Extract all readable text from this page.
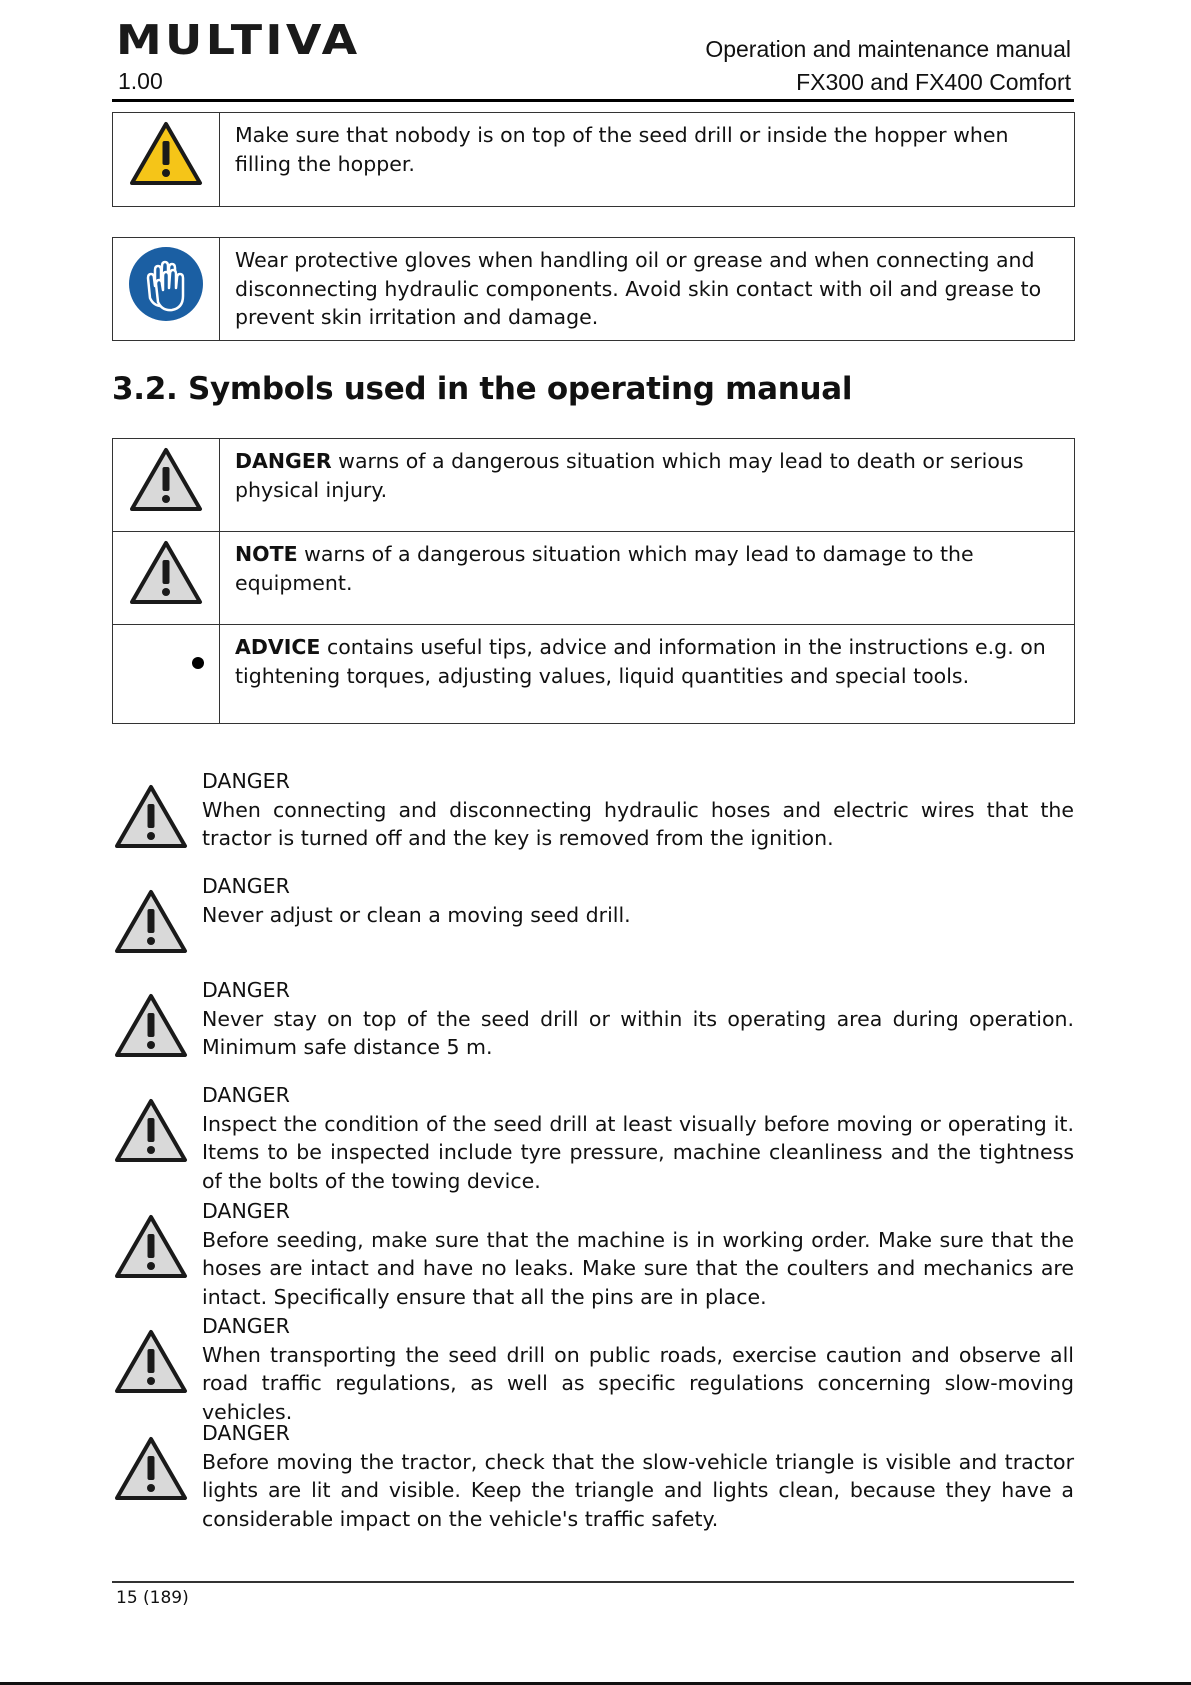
MULTIVA
1.00
Operation and maintenance manual
FX300 and FX400 Comfort
	Make sure that nobody is on top of the seed drill or inside the hopper when filling the hopper.
	Wear protective gloves when handling oil or grease and when connecting and disconnecting hydraulic components. Avoid skin contact with oil and grease to prevent skin irritation and damage.
3.2. Symbols used in the operating manual
	DANGER warns of a dangerous situation which may lead to death or serious physical injury.
	NOTE warns of a dangerous situation which may lead to damage to the equipment.
	ADVICE contains useful tips, advice and information in the instructions e.g. on tightening torques, adjusting values, liquid quantities and special tools.
DANGER
When connecting and disconnecting hydraulic hoses and electric wires that the tractor is turned off and the key is removed from the ignition.
DANGER
Never adjust or clean a moving seed drill.
DANGER
Never stay on top of the seed drill or within its operating area during operation. Minimum safe distance 5 m.
DANGER
Inspect the condition of the seed drill at least visually before moving or operating it. Items to be inspected include tyre pressure, machine cleanliness and the tightness of the bolts of the towing device.
DANGER
Before seeding, make sure that the machine is in working order. Make sure that the hoses are intact and have no leaks. Make sure that the coulters and mechanics are intact. Specifically ensure that all the pins are in place.
DANGER
When transporting the seed drill on public roads, exercise caution and observe all road traffic regulations, as well as specific regulations concerning slow-moving vehicles.
DANGER
Before moving the tractor, check that the slow-vehicle triangle is visible and tractor lights are lit and visible. Keep the triangle and lights clean, because they have a considerable impact on the vehicle's traffic safety.
15 (189)
